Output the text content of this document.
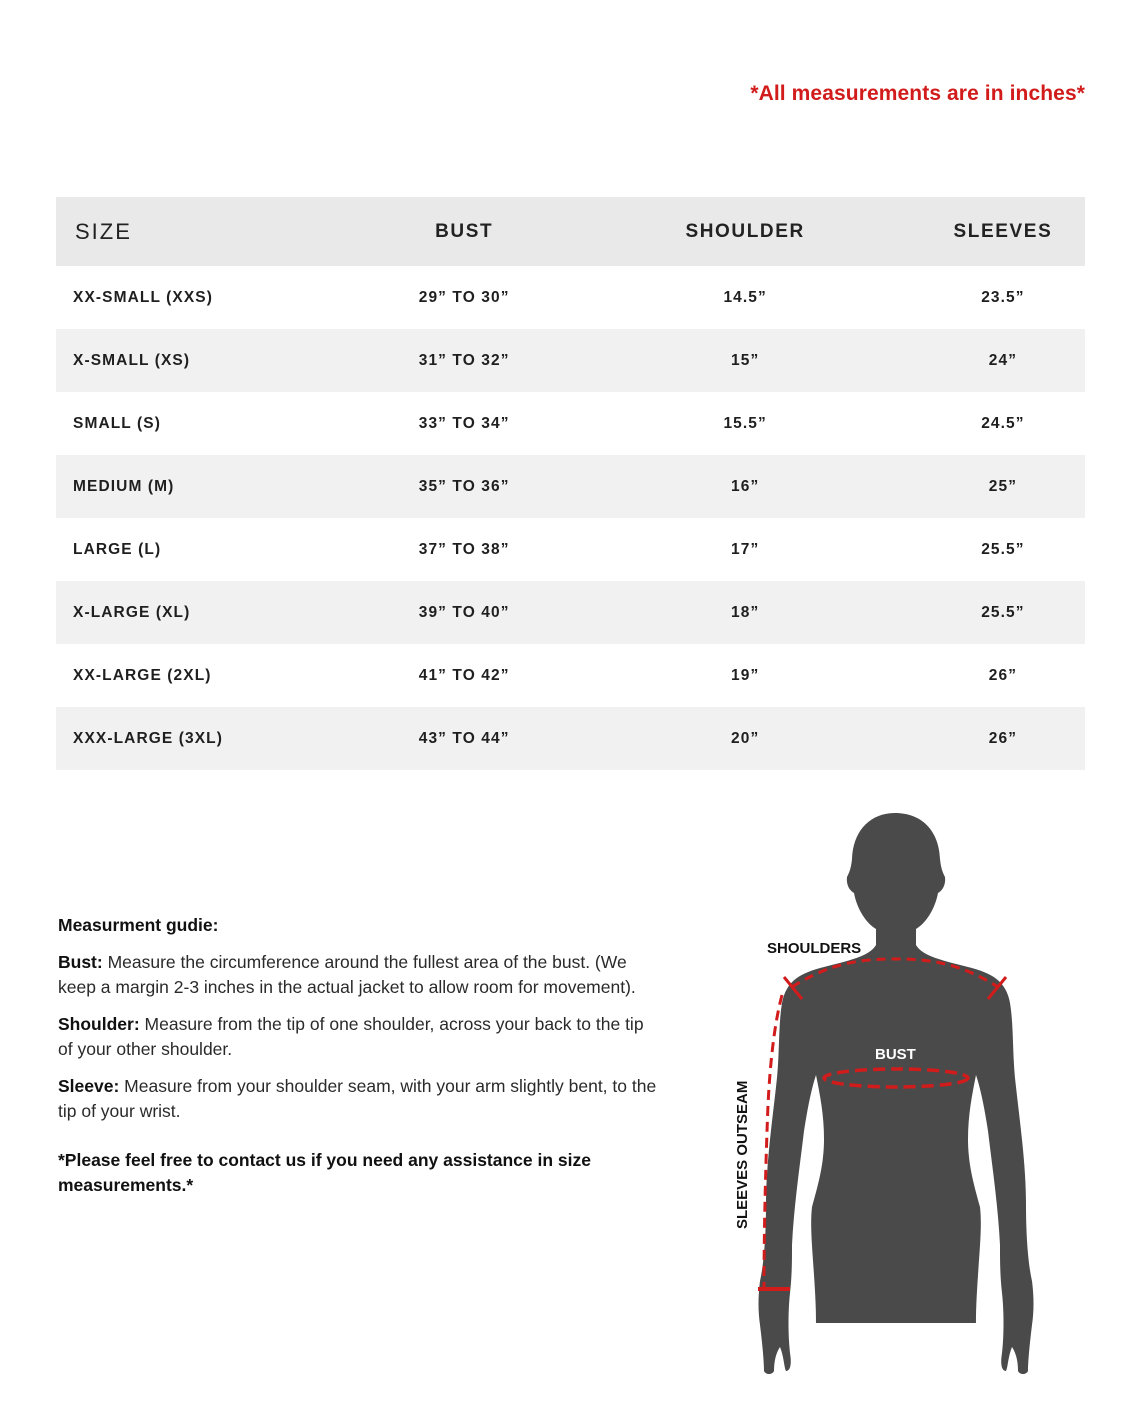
*All measurements are in inches*
SIZE	BUST	SHOULDER	SLEEVES
XX-SMALL (XXS)	29” TO 30”	14.5”	23.5”
X-SMALL (XS)	31” TO 32”	15”	24”
SMALL (S)	33” TO 34”	15.5”	24.5”
MEDIUM (M)	35” TO 36”	16”	25”
LARGE (L)	37” TO 38”	17”	25.5”
X-LARGE (XL)	39” TO 40”	18”	25.5”
XX-LARGE (2XL)	41” TO 42”	19”	26”
XXX-LARGE (3XL)	43” TO 44”	20”	26”

Measurment gudie:

Bust: Measure the circumference around the fullest area of the bust. (We keep a margin 2-3 inches in the actual jacket to allow room for movement).

Shoulder: Measure from the tip of one shoulder, across your back to the tip of your other shoulder.

Sleeve: Measure from your shoulder seam, with your arm slightly bent, to the tip of your wrist.

*Please feel free to contact us if you need any assistance in size measurements.*

SHOULDERS
BUST
SLEEVES OUTSEAM
